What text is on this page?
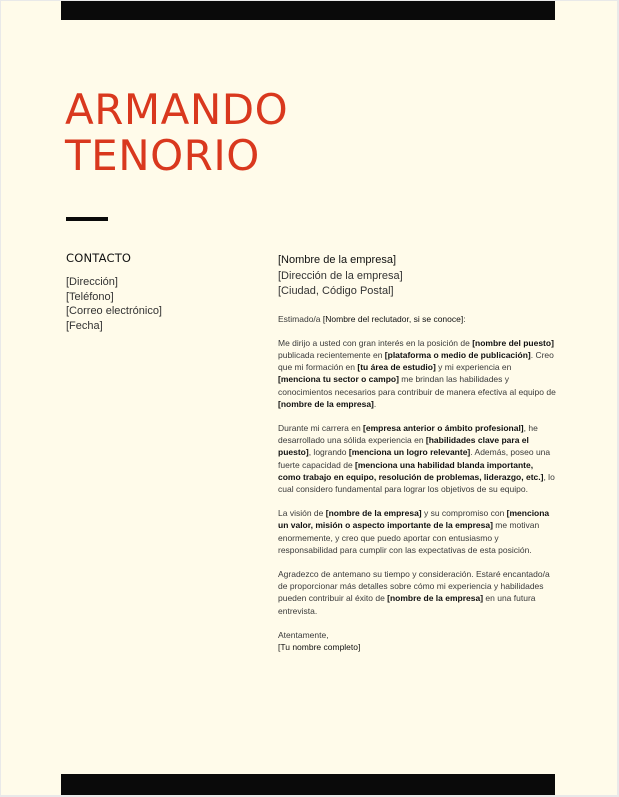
ARMANDO
TENORIO
CONTACTO
[Dirección]
[Teléfono]
[Correo electrónico]
[Fecha]
[Nombre de la empresa]
[Dirección de la empresa]
[Ciudad, Código Postal]

Estimado/a [Nombre del reclutador, si se conoce]:

Me dirijo a usted con gran interés en la posición de [nombre del puesto] publicada recientemente en [plataforma o medio de publicación]. Creo que mi formación en [tu área de estudio] y mi experiencia en [menciona tu sector o campo] me brindan las habilidades y conocimientos necesarios para contribuir de manera efectiva al equipo de [nombre de la empresa].

Durante mi carrera en [empresa anterior o ámbito profesional], he desarrollado una sólida experiencia en [habilidades clave para el puesto], logrando [menciona un logro relevante]. Además, poseo una fuerte capacidad de [menciona una habilidad blanda importante, como trabajo en equipo, resolución de problemas, liderazgo, etc.], lo cual considero fundamental para lograr los objetivos de su equipo.

La visión de [nombre de la empresa] y su compromiso con [menciona un valor, misión o aspecto importante de la empresa] me motivan enormemente, y creo que puedo aportar con entusiasmo y responsabilidad para cumplir con las expectativas de esta posición.

Agradezco de antemano su tiempo y consideración. Estaré encantado/a de proporcionar más detalles sobre cómo mi experiencia y habilidades pueden contribuir al éxito de [nombre de la empresa] en una futura entrevista.

Atentamente,

[Tu nombre completo]
